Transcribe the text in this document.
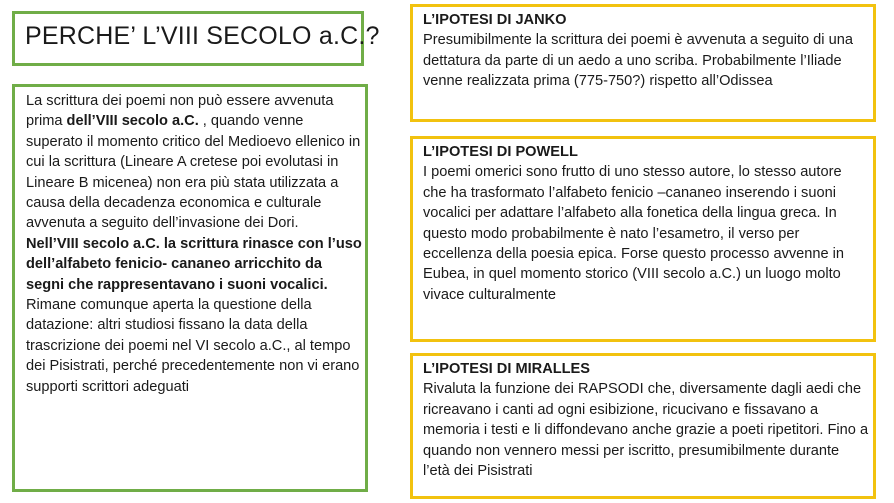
PERCHE’ L’VIII SECOLO a.C.?

La scrittura dei poemi non può essere avvenuta prima dell’VIII secolo a.C. , quando venne superato il momento critico del Medioevo ellenico in cui la scrittura (Lineare A cretese poi evolutasi in Lineare B micenea) non era più stata utilizzata a causa della decadenza economica e culturale avvenuta a seguito dell’invasione dei Dori.

Nell’VIII secolo a.C. la scrittura rinasce con l’uso dell’alfabeto fenicio- cananeo arricchito da segni che rappresentavano i suoni vocalici.

Rimane comunque aperta la questione della datazione: altri studiosi fissano la data della trascrizione dei poemi nel VI secolo a.C., al tempo dei Pisistrati, perché precedentemente non vi erano supporti scrittori adeguati

L’IPOTESI DI JANKO
Presumibilmente la scrittura dei poemi è avvenuta a seguito di una dettatura da parte di un aedo a uno scriba. Probabilmente l’Iliade venne realizzata prima (775-750?) rispetto all’Odissea
L’IPOTESI DI POWELL
I poemi omerici sono frutto di uno stesso autore, lo stesso autore che ha trasformato l’alfabeto fenicio –cananeo inserendo i suoni vocalici per adattare l’alfabeto alla fonetica della lingua greca. In questo modo probabilmente è nato l’esametro, il verso per eccellenza della poesia epica. Forse questo processo avvenne in Eubea, in quel momento storico (VIII secolo a.C.) un luogo molto vivace culturalmente
L’IPOTESI DI MIRALLES
Rivaluta la funzione dei RAPSODI che, diversamente dagli aedi che ricreavano i canti ad ogni esibizione, ricucivano e fissavano a memoria i testi e li diffondevano anche grazie a poeti ripetitori. Fino a quando non vennero messi per iscritto, presumibilmente durante l’età dei Pisistrati
